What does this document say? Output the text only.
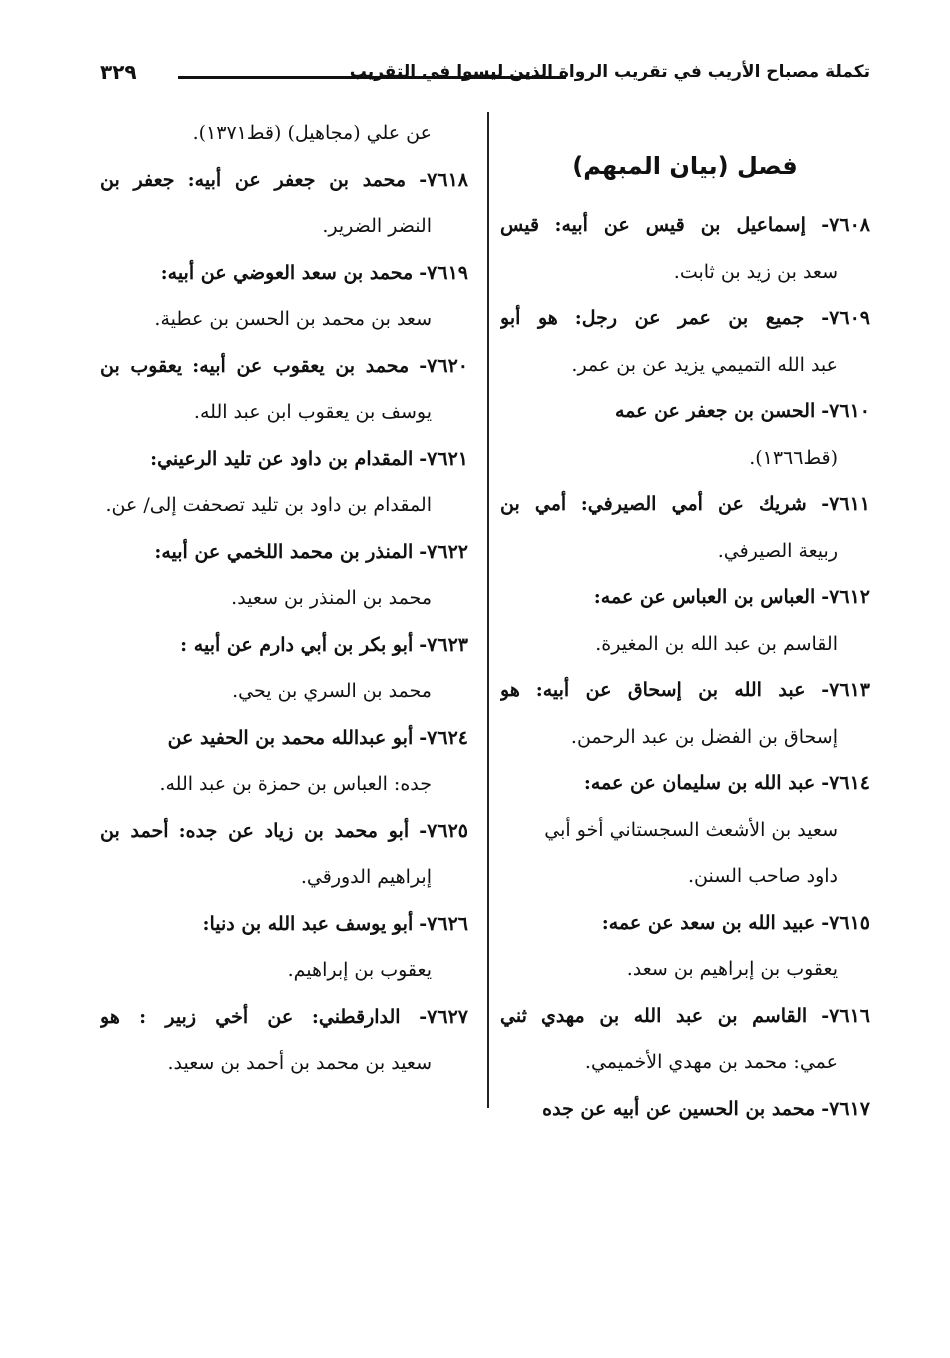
تكملة مصباح الأريب في تقريب الرواة الذين ليسوا في التقريب
٣٢٩
فصل (بيان المبهم)
٧٦٠٨- إسماعيل بن قيس عن أبيه: قيس
سعد بن زيد بن ثابت.
٧٦٠٩- جميع بن عمر عن رجل: هو أبو
عبد الله التميمي يزيد عن بن عمر.
٧٦١٠- الحسن بن جعفر عن عمه
(قط١٣٦٦).
٧٦١١- شريك عن أمي الصيرفي: أمي بن
ربيعة الصيرفي.
٧٦١٢- العباس بن العباس عن عمه:
القاسم بن عبد الله بن المغيرة.
٧٦١٣- عبد الله بن إسحاق عن أبيه: هو
إسحاق بن الفضل بن عبد الرحمن.
٧٦١٤- عبد الله بن سليمان عن عمه:
سعيد بن الأشعث السجستاني أخو أبي
داود صاحب السنن.
٧٦١٥- عبيد الله بن سعد عن عمه:
يعقوب بن إبراهيم بن سعد.
٧٦١٦- القاسم بن عبد الله بن مهدي ثني
عمي: محمد بن مهدي الأخميمي.
٧٦١٧- محمد بن الحسين عن أبيه عن جده
عن علي (مجاهيل) (قط١٣٧١).
٧٦١٨- محمد بن جعفر عن أبيه: جعفر بن
النضر الضرير.
٧٦١٩- محمد بن سعد العوضي عن أبيه:
سعد بن محمد بن الحسن بن عطية.
٧٦٢٠- محمد بن يعقوب عن أبيه: يعقوب بن
يوسف بن يعقوب ابن عبد الله.
٧٦٢١- المقدام بن داود عن تليد الرعيني:
المقدام بن داود بن تليد تصحفت إلى/ عن.
٧٦٢٢- المنذر بن محمد اللخمي عن أبيه:
محمد بن المنذر بن سعيد.
٧٦٢٣- أبو بكر بن أبي دارم عن أبيه :
محمد بن السري بن يحي.
٧٦٢٤- أبو عبدالله محمد بن الحفيد عن
جده: العباس بن حمزة بن عبد الله.
٧٦٢٥- أبو محمد بن زياد عن جده: أحمد بن
إبراهيم الدورقي.
٧٦٢٦- أبو يوسف عبد الله بن دنيا:
يعقوب بن إبراهيم.
٧٦٢٧- الدارقطني: عن أخي زبير : هو
سعيد بن محمد بن أحمد بن سعيد.
